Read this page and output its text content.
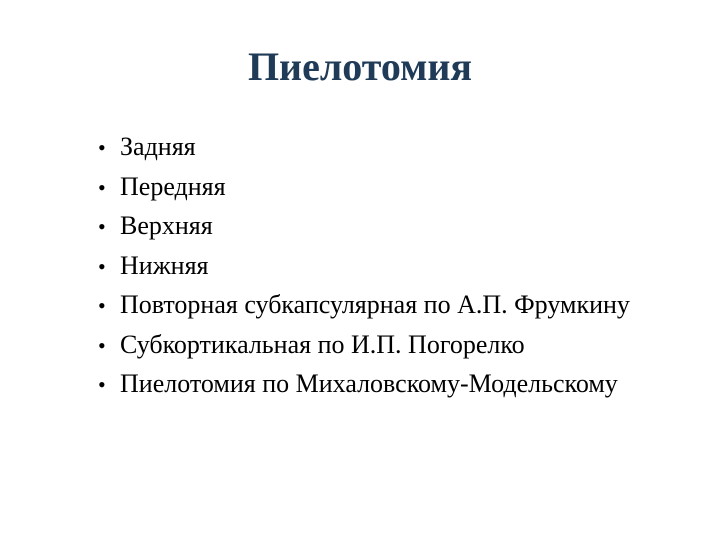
Пиелотомия
• Задняя
• Передняя
• Верхняя
• Нижняя
• Повторная субкапсулярная по А.П. Фрумкину
• Субкортикальная по И.П. Погорелко
• Пиелотомия по Михаловскому-Модельскому
